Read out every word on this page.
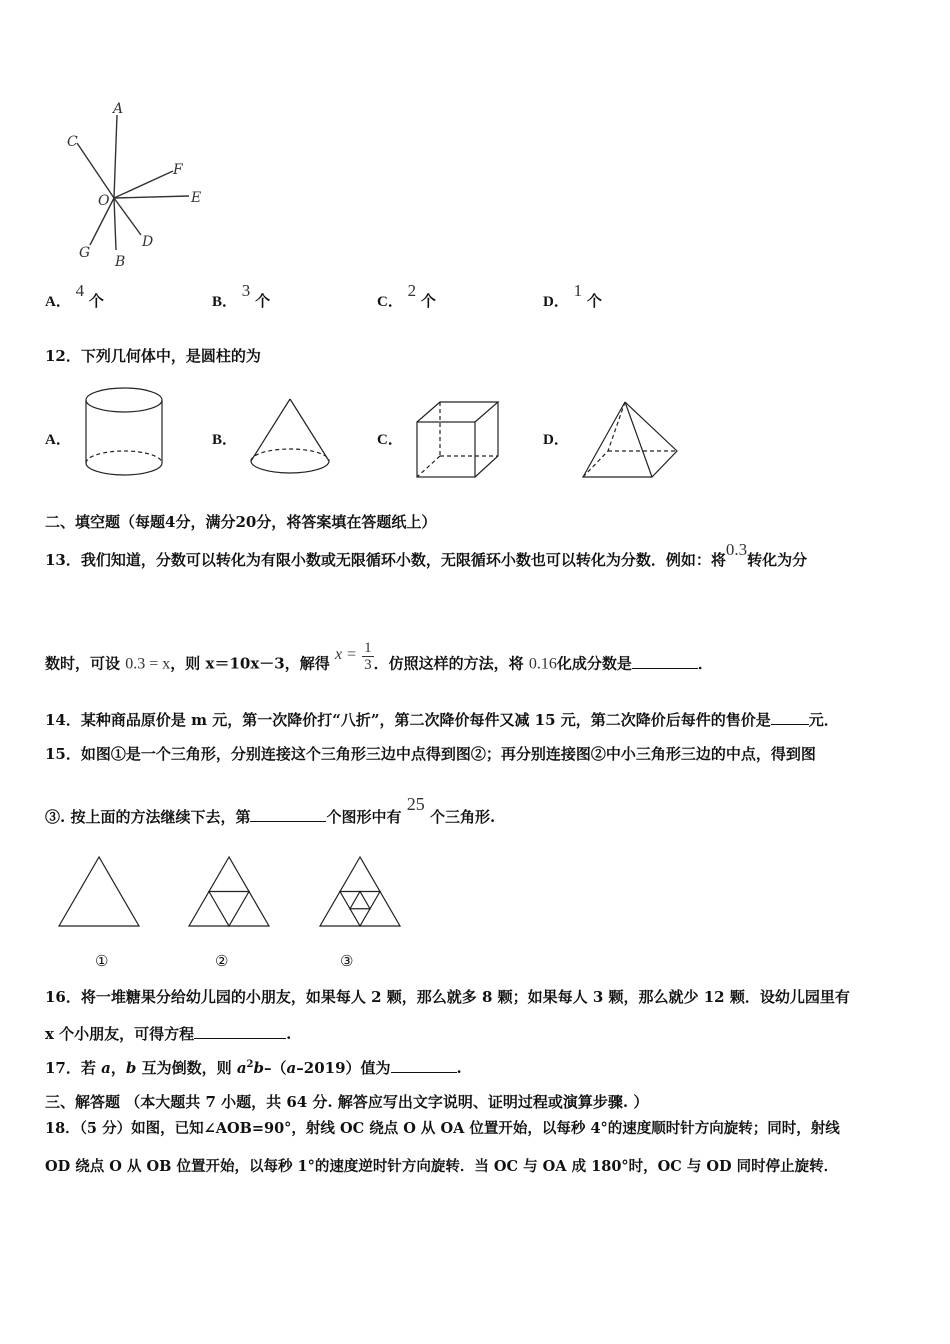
A
C
F
O	E
G
B
D
A． 4 个	B． 3 个	C． 2 个	D． 1 个
12．下列几何体中，是圆柱的为
A．	B．	C．	D．
二、填空题（每题4分，满分20分，将答案填在答题纸上）
13．我们知道，分数可以转化为有限小数或无限循环小数，无限循环小数也可以转化为分数．例如：将0.3转化为分
数时，可设 0.3 = x，则 x＝10x－3，解得 $x = \frac{1}{3}$ ．仿照这样的方法，将 0.16化成分数是	．
14．某种商品原价是 m 元，第一次降价打“八折”，第二次降价每件又减 15 元，第二次降价后每件的售价是	元．
15．如图①是一个三角形，分别连接这个三角形三边中点得到图②；再分别连接图②中小三角形三边的中点，得到图
③. 按上面的方法继续下去，第	个图形中有 25 个三角形.
①	②	③
16．将一堆糖果分给幼儿园的小朋友，如果每人 2 颗，那么就多 8 颗；如果每人 3 颗，那么就少 12 颗．设幼儿园里有
x 个小朋友，可得方程	.
17．若 a，b 互为倒数，则 $a^2b-(a-2019)$值为	.
三、解答题 （本大题共 7 小题，共 64 分. 解答应写出文字说明、证明过程或演算步骤. ）
18．（5 分）如图，已知∠AOB=90°，射线 OC 绕点 O 从 OA 位置开始，以每秒 4°的速度顺时针方向旋转；同时，射线
OD 绕点 O 从 OB 位置开始，以每秒 1°的速度逆时针方向旋转．当 OC 与 OA 成 180°时，OC 与 OD 同时停止旋转．
